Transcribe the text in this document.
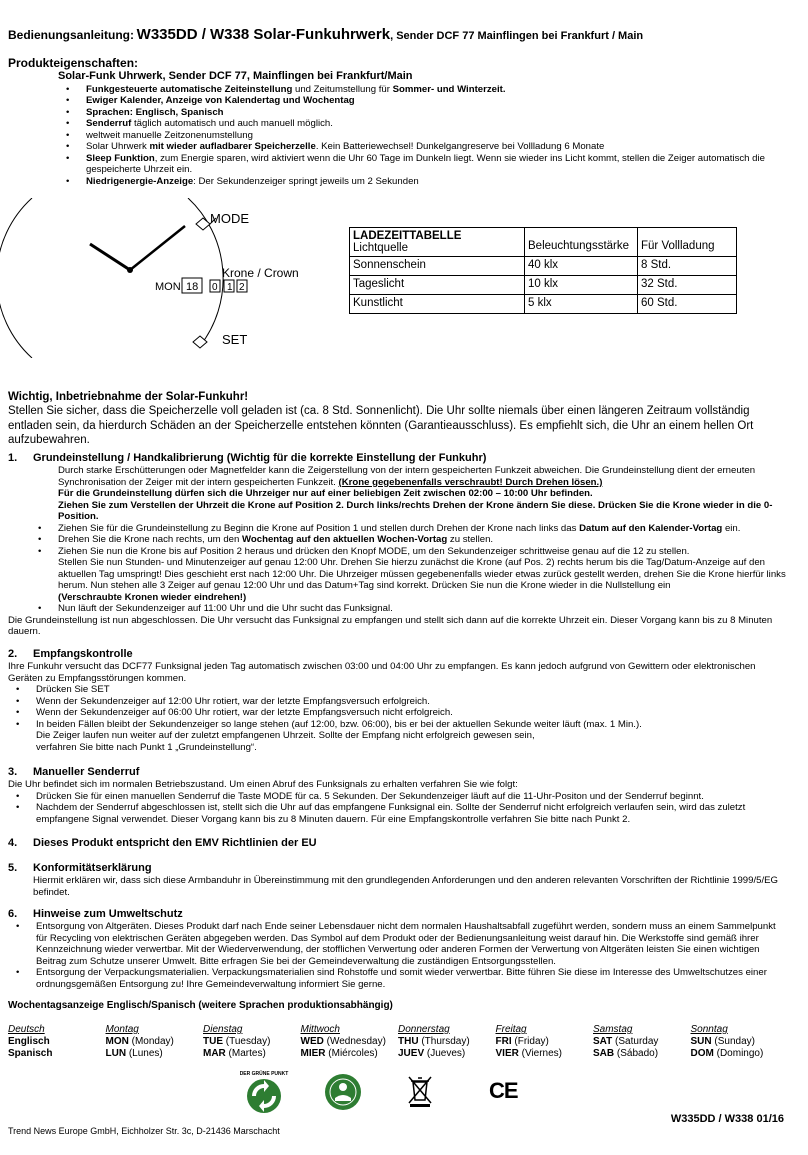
Bedienungsanleitung: W335DD / W338 Solar-Funkuhrwerk, Sender DCF 77 Mainflingen bei Frankfurt / Main
Produkteigenschaften:
Solar-Funk Uhrwerk, Sender DCF 77, Mainflingen bei Frankfurt/Main
• Funkgesteuerte automatische Zeiteinstellung und Zeitumstellung für Sommer- und Winterzeit.
• Ewiger Kalender, Anzeige von Kalendertag und Wochentag
• Sprachen: Englisch, Spanisch
• Senderruf täglich automatisch und auch manuell möglich.
• weltweit manuelle Zeitzonenumstellung
• Solar Uhrwerk mit wieder aufladbarer Speicherzelle. Kein Batteriewechsel! Dunkelgangreserve bei Vollladung 6 Monate
• Sleep Funktion, zum Energie sparen, wird aktiviert wenn die Uhr 60 Tage im Dunkeln liegt. Wenn sie wieder ins Licht kommt, stellen die Zeiger automatisch die gespeicherte Uhrzeit ein.
• Niedrigenergie-Anzeige: Der Sekundenzeiger springt jeweils um 2 Sekunden
MODE
SET
Krone / Crown
MON 18 0 1 2
LADEZEITTABELLE
Lichtquelle	Beleuchtungsstärke	Für Vollladung
Sonnenschein	40 klx	8 Std.
Tageslicht	10 klx	32 Std.
Kunstlicht	5 klx	60 Std.
Wichtig, Inbetriebnahme der Solar-Funkuhr!
Stellen Sie sicher, dass die Speicherzelle voll geladen ist (ca. 8 Std. Sonnenlicht). Die Uhr sollte niemals über einen längeren Zeitraum vollständig entladen sein, da hierdurch Schäden an der Speicherzelle entstehen könnten (Garantieausschluss). Es empfiehlt sich, die Uhr an einem hellen Ort aufzubewahren.
1. Grundeinstellung / Handkalibrierung (Wichtig für die korrekte Einstellung der Funkuhr)
Durch starke Erschütterungen oder Magnetfelder kann die Zeigerstellung von der intern gespeicherten Funkzeit abweichen. Die Grundeinstellung dient der erneuten Synchronisation der Zeiger mit der intern gespeicherten Funkzeit. (Krone gegebenenfalls verschraubt! Durch Drehen lösen.)
Für die Grundeinstellung dürfen sich die Uhrzeiger nur auf einer beliebigen Zeit zwischen 02:00 – 10:00 Uhr befinden.
Ziehen Sie zum Verstellen der Uhrzeit die Krone auf Position 2. Durch links/rechts Drehen der Krone ändern Sie diese. Drücken Sie die Krone wieder in die 0-Position.
• Ziehen Sie für die Grundeinstellung zu Beginn die Krone auf Position 1 und stellen durch Drehen der Krone nach links das Datum auf den Kalender-Vortag ein.
• Drehen Sie die Krone nach rechts, um den Wochentag auf den aktuellen Wochen-Vortag zu stellen.
• Ziehen Sie nun die Krone bis auf Position 2 heraus und drücken den Knopf MODE, um den Sekundenzeiger schrittweise genau auf die 12 zu stellen.
Stellen Sie nun Stunden- und Minutenzeiger auf genau 12:00 Uhr. Drehen Sie hierzu zunächst die Krone (auf Pos. 2) rechts herum bis die Tag/Datum-Anzeige auf den aktuellen Tag umspringt! Dies geschieht erst nach 12:00 Uhr. Die Uhrzeiger müssen gegebenenfalls wieder etwas zurück gestellt werden, drehen Sie die Krone hierfür links herum. Nun stehen alle 3 Zeiger auf genau 12:00 Uhr und das Datum+Tag sind korrekt. Drücken Sie nun die Krone wieder in die Nullstellung ein
(Verschraubte Kronen wieder eindrehen!)
• Nun läuft der Sekundenzeiger auf 11:00 Uhr und die Uhr sucht das Funksignal.
Die Grundeinstellung ist nun abgeschlossen. Die Uhr versucht das Funksignal zu empfangen und stellt sich dann auf die korrekte Uhrzeit ein. Dieser Vorgang kann bis zu 8 Minuten dauern.
2. Empfangskontrolle
Ihre Funkuhr versucht das DCF77 Funksignal jeden Tag automatisch zwischen 03:00 und 04:00 Uhr zu empfangen. Es kann jedoch aufgrund von Gewittern oder elektronischen Geräten zu Empfangsstörungen kommen.
• Drücken Sie SET
• Wenn der Sekundenzeiger auf 12:00 Uhr rotiert, war der letzte Empfangsversuch erfolgreich.
• Wenn der Sekundenzeiger auf 06:00 Uhr rotiert, war der letzte Empfangsversuch nicht erfolgreich.
• In beiden Fällen bleibt der Sekundenzeiger so lange stehen (auf 12:00, bzw. 06:00), bis er bei der aktuellen Sekunde weiter läuft (max. 1 Min.).
Die Zeiger laufen nun weiter auf der zuletzt empfangenen Uhrzeit. Sollte der Empfang nicht erfolgreich gewesen sein,
verfahren Sie bitte nach Punkt 1 „Grundeinstellung“.
3. Manueller Senderruf
Die Uhr befindet sich im normalen Betriebszustand. Um einen Abruf des Funksignals zu erhalten verfahren Sie wie folgt:
• Drücken Sie für einen manuellen Senderruf die Taste MODE für ca. 5 Sekunden. Der Sekundenzeiger läuft auf die 11-Uhr-Positon und der Senderruf beginnt.
• Nachdem der Senderruf abgeschlossen ist, stellt sich die Uhr auf das empfangene Funksignal ein. Sollte der Senderruf nicht erfolgreich verlaufen sein, wird das zuletzt empfangene Signal verwendet. Dieser Vorgang kann bis zu 8 Minuten dauern. Für eine Empfangskontrolle verfahren Sie bitte nach Punkt 2.
4. Dieses Produkt entspricht den EMV Richtlinien der EU
5. Konformitätserklärung
Hiermit erklären wir, dass sich diese Armbanduhr in Übereinstimmung mit den grundlegenden Anforderungen und den anderen relevanten Vorschriften der Richtlinie 1999/5/EG befindet.
6. Hinweise zum Umweltschutz
• Entsorgung von Altgeräten. Dieses Produkt darf nach Ende seiner Lebensdauer nicht dem normalen Haushaltsabfall zugeführt werden, sondern muss an einem Sammelpunkt für Recycling von elektrischen Geräten abgegeben werden. Das Symbol auf dem Produkt oder der Bedienungsanleitung weist darauf hin. Die Werkstoffe sind gemäß ihrer Kennzeichnung wieder verwertbar. Mit der Wiederverwendung, der stofflichen Verwertung oder anderen Formen der Verwertung von Altgeräten leisten Sie einen wichtigen Beitrag zum Schutze unserer Umwelt. Bitte erfragen Sie bei der Gemeindeverwaltung die zuständigen Entsorgungsstellen.
• Entsorgung der Verpackungsmaterialien. Verpackungsmaterialien sind Rohstoffe und somit wieder verwertbar. Bitte führen Sie diese im Interesse des Umweltschutzes einer ordnungsgemäßen Entsorgung zu! Ihre Gemeindeverwaltung informiert Sie gerne.
Wochentagsanzeige Englisch/Spanisch (weitere Sprachen produktionsabhängig)
Deutsch	Montag	Dienstag	Mittwoch	Donnerstag	Freitag	Samstag	Sonntag
Englisch	MON (Monday)	TUE (Tuesday)	WED (Wednesday)	THU (Thursday)	FRI (Friday)	SAT (Saturday	SUN (Sunday)
Spanisch	LUN (Lunes)	MAR (Martes)	MIER (Miércoles)	JUEV (Jueves)	VIER (Viernes)	SAB (Sábado)	DOM (Domingo)
DER GRÜNE PUNKT
CE
W335DD / W338 01/16
Trend News Europe GmbH, Eichholzer Str. 3c, D-21436 Marschacht
